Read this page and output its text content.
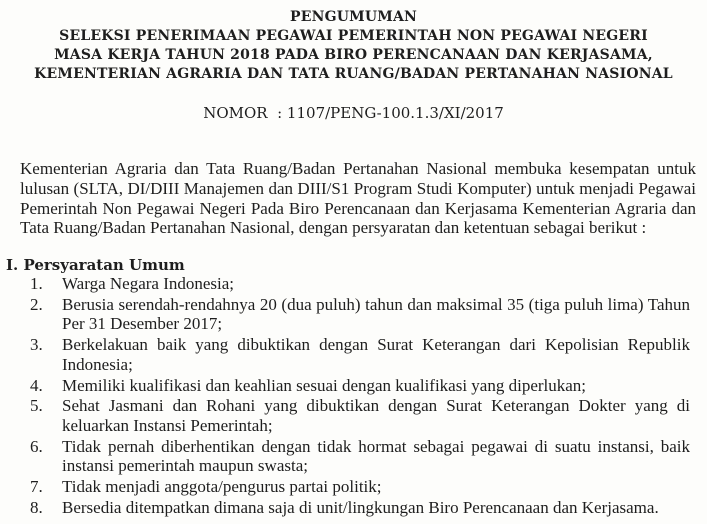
PENGUMUMAN
SELEKSI PENERIMAAN PEGAWAI PEMERINTAH NON PEGAWAI NEGERI
MASA KERJA TAHUN 2018 PADA BIRO PERENCANAAN DAN KERJASAMA,
KEMENTERIAN AGRARIA DAN TATA RUANG/BADAN PERTANAHAN NASIONAL
NOMOR  : 1107/PENG-100.1.3/XI/2017
Kementerian Agraria dan Tata Ruang/Badan Pertanahan Nasional membuka kesempatan untuk lulusan (SLTA, DI/DIII Manajemen dan DIII/S1 Program Studi Komputer) untuk menjadi Pegawai Pemerintah Non Pegawai Negeri Pada Biro Perencanaan dan Kerjasama Kementerian Agraria dan Tata Ruang/Badan Pertanahan Nasional, dengan persyaratan dan ketentuan sebagai berikut :
I. Persyaratan Umum
1.	Warga Negara Indonesia;
2.	Berusia serendah-rendahnya 20 (dua puluh) tahun dan maksimal 35 (tiga puluh lima) Tahun Per 31 Desember 2017;
3.	Berkelakuan baik yang dibuktikan dengan Surat Keterangan dari Kepolisian Republik Indonesia;
4.	Memiliki kualifikasi dan keahlian sesuai dengan kualifikasi yang diperlukan;
5.	Sehat Jasmani dan Rohani yang dibuktikan dengan Surat Keterangan Dokter yang di keluarkan Instansi Pemerintah;
6.	Tidak pernah diberhentikan dengan tidak hormat sebagai pegawai di suatu instansi, baik instansi pemerintah maupun swasta;
7.	Tidak menjadi anggota/pengurus partai politik;
8.	Bersedia ditempatkan dimana saja di unit/lingkungan Biro Perencanaan dan Kerjasama.
